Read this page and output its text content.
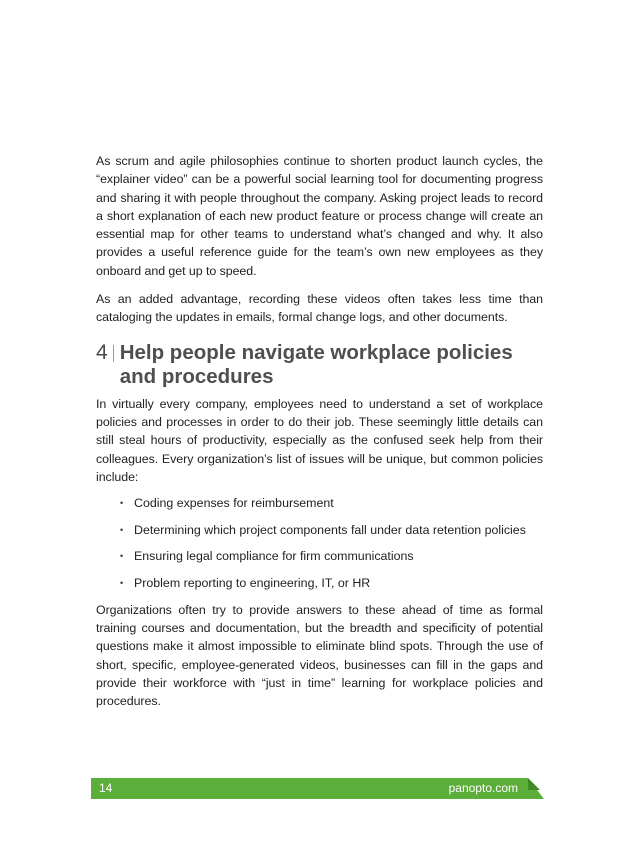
As scrum and agile philosophies continue to shorten product launch cycles, the “explainer video” can be a powerful social learning tool for documenting progress and sharing it with people throughout the company. Asking project leads to record a short explanation of each new product feature or process change will create an essential map for other teams to understand what’s changed and why. It also provides a useful reference guide for the team’s own new employees as they onboard and get up to speed.

As an added advantage, recording these videos often takes less time than cataloging the updates in emails, formal change logs, and other documents.

4 Help people navigate workplace policies and procedures

In virtually every company, employees need to understand a set of workplace policies and processes in order to do their job. These seemingly little details can still steal hours of productivity, especially as the confused seek help from their colleagues. Every organization’s list of issues will be unique, but common policies include:

• Coding expenses for reimbursement
• Determining which project components fall under data retention policies
• Ensuring legal compliance for firm communications
• Problem reporting to engineering, IT, or HR

Organizations often try to provide answers to these ahead of time as formal training courses and documentation, but the breadth and specificity of potential questions make it almost impossible to eliminate blind spots. Through the use of short, specific, employee-generated videos, businesses can fill in the gaps and provide their workforce with “just in time” learning for workplace policies and procedures.

14	panopto.com
